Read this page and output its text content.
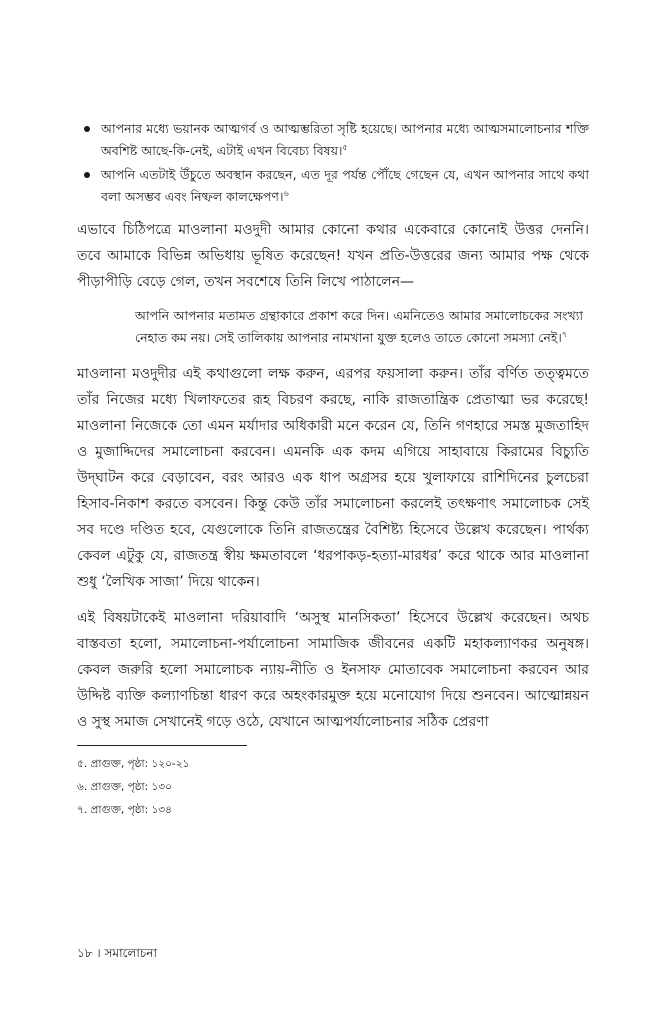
আপনার মধ্যে ভয়ানক আত্মগর্ব ও আত্মম্ভরিতা সৃষ্টি হয়েছে। আপনার মধ্যে আত্মসমালোচনার শক্তি অবশিষ্ট আছে-কি-নেই, এটাই এখন বিবেচ্য বিষয়।$^৫$
আপনি এতটাই উঁচুতে অবস্থান করছেন, এত দূর পর্যন্ত পৌঁছে গেছেন যে, এখন আপনার সাথে কথা বলা অসম্ভব এবং নিষ্ফল কালক্ষেপণ।$^৬$

এভাবে চিঠিপত্রে মাওলানা মওদুদী আমার কোনো কথার একেবারে কোনোই উত্তর দেননি। তবে আমাকে বিভিন্ন অভিধায় ভূষিত করেছেন! যখন প্রতি-উত্তরের জন্য আমার পক্ষ থেকে পীড়াপীড়ি বেড়ে গেল, তখন সবশেষে তিনি লিখে পাঠালেন—

আপনি আপনার মতামত গ্রন্থাকারে প্রকাশ করে দিন। এমনিতেও আমার সমালোচকের সংখ্যা নেহাত কম নয়। সেই তালিকায় আপনার নামখানা যুক্ত হলেও তাতে কোনো সমস্যা নেই।$^৭$

মাওলানা মওদুদীর এই কথাগুলো লক্ষ করুন, এরপর ফয়সালা করুন। তাঁর বর্ণিত তত্ত্বমতে তাঁর নিজের মধ্যে খিলাফতের রূহ বিচরণ করছে, নাকি রাজতান্ত্রিক প্রেতাত্মা ভর করেছে! মাওলানা নিজেকে তো এমন মর্যাদার অধিকারী মনে করেন যে, তিনি গণহারে সমস্ত মুজতাহিদ ও মুজাদ্দিদের সমালোচনা করবেন। এমনকি এক কদম এগিয়ে সাহাবায়ে কিরামের বিচ্যুতি উদ্‌ঘাটন করে বেড়াবেন, বরং আরও এক ধাপ অগ্রসর হয়ে খুলাফায়ে রাশিদিনের চুলচেরা হিসাব-নিকাশ করতে বসবেন। কিন্তু কেউ তাঁর সমালোচনা করলেই তৎক্ষণাৎ সমালোচক সেই সব দণ্ডে দণ্ডিত হবে, যেগুলোকে তিনি রাজতন্ত্রের বৈশিষ্ট্য হিসেবে উল্লেখ করেছেন। পার্থক্য কেবল এটুকু যে, রাজতন্ত্র স্বীয় ক্ষমতাবলে ‘ধরপাকড়-হত্যা-মারধর’ করে থাকে আর মাওলানা শুধু ‘লৈখিক সাজা’ দিয়ে থাকেন।

এই বিষয়টাকেই মাওলানা দরিয়াবাদি ‘অসুস্থ মানসিকতা’ হিসেবে উল্লেখ করেছেন। অথচ বাস্তবতা হলো, সমালোচনা-পর্যালোচনা সামাজিক জীবনের একটি মহাকল্যাণকর অনুষঙ্গ। কেবল জরুরি হলো সমালোচক ন্যায়-নীতি ও ইনসাফ মোতাবেক সমালোচনা করবেন আর উদ্দিষ্ট ব্যক্তি কল্যাণচিন্তা ধারণ করে অহংকারমুক্ত হয়ে মনোযোগ দিয়ে শুনবেন। আত্মোন্নয়ন ও সুস্থ সমাজ সেখানেই গড়ে ওঠে, যেখানে আত্মপর্যালোচনার সঠিক প্রেরণা

৫. প্রাগুক্ত, পৃষ্ঠা: ১২০-২১
৬. প্রাগুক্ত, পৃষ্ঠা: ১৩০
৭. প্রাগুক্ত, পৃষ্ঠা: ১৩৪
১৮ । সমালোচনা
